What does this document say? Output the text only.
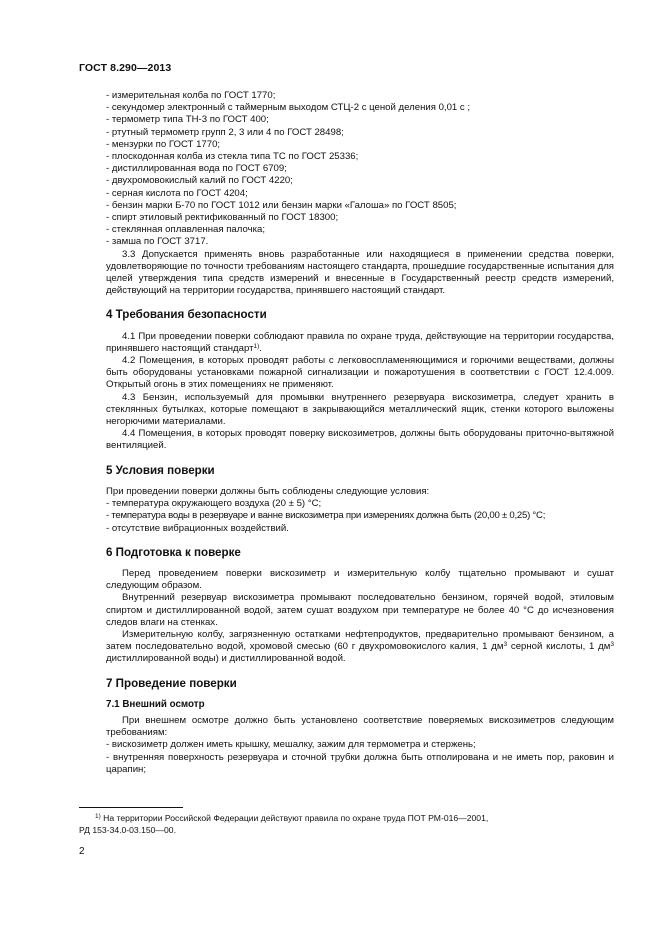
ГОСТ 8.290—2013
- измерительная колба по ГОСТ 1770;
- секундомер электронный с таймерным выходом СТЦ-2 с ценой деления 0,01 с ;
- термометр типа ТН-3 по ГОСТ 400;
- ртутный термометр групп 2, 3 или 4 по ГОСТ 28498;
- мензурки по ГОСТ 1770;
- плоскодонная колба из стекла типа ТС по ГОСТ 25336;
- дистиллированная вода по ГОСТ 6709;
- двухромовокислый калий по ГОСТ 4220;
- серная кислота по ГОСТ 4204;
- бензин марки Б-70 по ГОСТ 1012 или бензин марки «Галоша» по ГОСТ 8505;
- спирт этиловый ректификованный по ГОСТ 18300;
- стеклянная оплавленная палочка;
- замша по ГОСТ 3717.

3.3 Допускается применять вновь разработанные или находящиеся в применении средства поверки, удовлетворяющие по точности требованиям настоящего стандарта, прошедшие государственные испытания для целей утверждения типа средств измерений и внесенные в Государственный реестр средств измерений, действующий на территории государства, принявшего настоящий стандарт.

4 Требования безопасности

4.1 При проведении поверки соблюдают правила по охране труда, действующие на территории государства, принявшего настоящий стандарт$^{1)}$.

4.2 Помещения, в которых проводят работы с легковоспламеняющимися и горючими веществами, должны быть оборудованы установками пожарной сигнализации и пожаротушения в соответствии с ГОСТ 12.4.009. Открытый огонь в этих помещениях не применяют.

4.3 Бензин, используемый для промывки внутреннего резервуара вискозиметра, следует хранить в стеклянных бутылках, которые помещают в закрывающийся металлический ящик, стенки которого выложены негорючими материалами.

4.4 Помещения, в которых проводят поверку вискозиметров, должны быть оборудованы приточно-вытяжной вентиляцией.

5 Условия поверки
При проведении поверки должны быть соблюдены следующие условия:
- температура окружающего воздуха (20 ± 5) °С;
- температура воды в резервуаре и ванне вискозиметра при измерениях должна быть (20,00 ± 0,25) °С;
- отсутствие вибрационных воздействий.
6 Подготовка к поверке

Перед проведением поверки вискозиметр и измерительную колбу тщательно промывают и сушат следующим образом.

Внутренний резервуар вискозиметра промывают последовательно бензином, горячей водой, этиловым спиртом и дистиллированной водой, затем сушат воздухом при температуре не более 40 °С до исчезновения следов влаги на стенках.

Измерительную колбу, загрязненную остатками нефтепродуктов, предварительно промывают бензином, а затем последовательно водой, хромовой смесью (60 г двухромовокислого калия, 1 $дм^3$ серной кислоты, 1 $дм^3$ дистиллированной воды) и дистиллированной водой.

7 Проведение поверки
7.1 Внешний осмотр

При внешнем осмотре должно быть установлено соответствие поверяемых вискозиметров следующим требованиям:

- вискозиметр должен иметь крышку, мешалку, зажим для термометра и стержень;
- внутренняя поверхность резервуара и сточной трубки должна быть отполирована и не иметь пор, раковин и царапин;
$^{1)}$ На территории Российской Федерации действуют правила по охране труда ПОТ РМ-016—2001,
РД 153-34.0-03.150—00.
2
